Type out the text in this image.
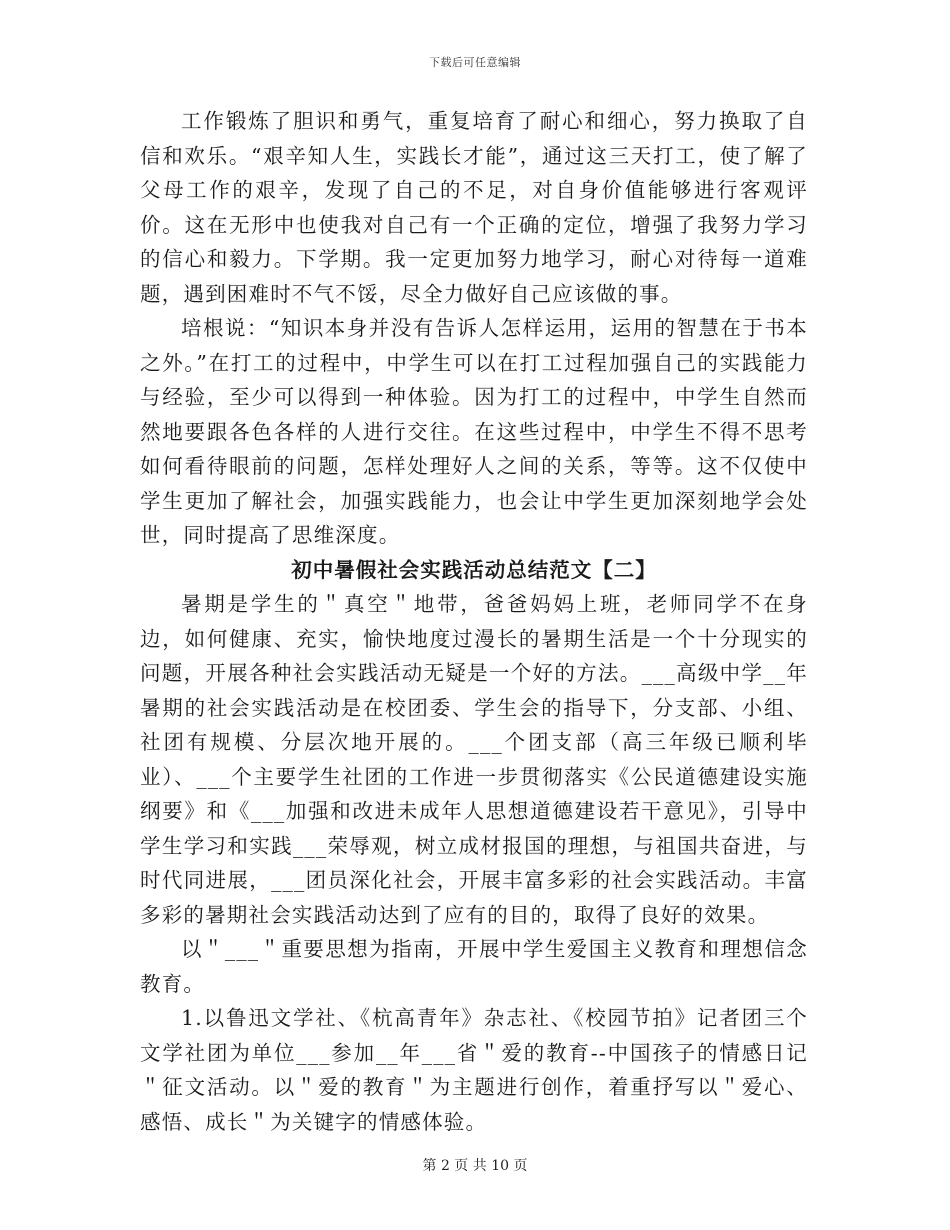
下载后可任意编辑

工作锻炼了胆识和勇气，重复培育了耐心和细心，努力换取了自信和欢乐。“艰辛知人生，实践长才能”，通过这三天打工，使了解了父母工作的艰辛，发现了自己的不足，对自身价值能够进行客观评价。这在无形中也使我对自己有一个正确的定位，增强了我努力学习的信心和毅力。下学期。我一定更加努力地学习，耐心对待每一道难题，遇到困难时不气不馁，尽全力做好自己应该做的事。

培根说：“知识本身并没有告诉人怎样运用，运用的智慧在于书本之外。”在打工的过程中，中学生可以在打工过程加强自己的实践能力与经验，至少可以得到一种体验。因为打工的过程中，中学生自然而然地要跟各色各样的人进行交往。在这些过程中，中学生不得不思考如何看待眼前的问题，怎样处理好人之间的关系，等等。这不仅使中学生更加了解社会，加强实践能力，也会让中学生更加深刻地学会处世，同时提高了思维深度。

初中暑假社会实践活动总结范文【二】

暑期是学生的＂真空＂地带，爸爸妈妈上班，老师同学不在身边，如何健康、充实，愉快地度过漫长的暑期生活是一个十分现实的问题，开展各种社会实践活动无疑是一个好的方法。___高级中学__年暑期的社会实践活动是在校团委、学生会的指导下，分支部、小组、社团有规模、分层次地开展的。___个团支部（高三年级已顺利毕业）、___个主要学生社团的工作进一步贯彻落实《公民道德建设实施纲要》和《___加强和改进未成年人思想道德建设若干意见》，引导中学生学习和实践___荣辱观，树立成材报国的理想，与祖国共奋进，与时代同进展，___团员深化社会，开展丰富多彩的社会实践活动。丰富多彩的暑期社会实践活动达到了应有的目的，取得了良好的效果。

以＂___＂重要思想为指南，开展中学生爱国主义教育和理想信念教育。

1.以鲁迅文学社、《杭高青年》杂志社、《校园节拍》记者团三个文学社团为单位___参加__年___省＂爱的教育--中国孩子的情感日记＂征文活动。以＂爱的教育＂为主题进行创作，着重抒写以＂爱心、感悟、成长＂为关键字的情感体验。

第 2 页 共 10 页
